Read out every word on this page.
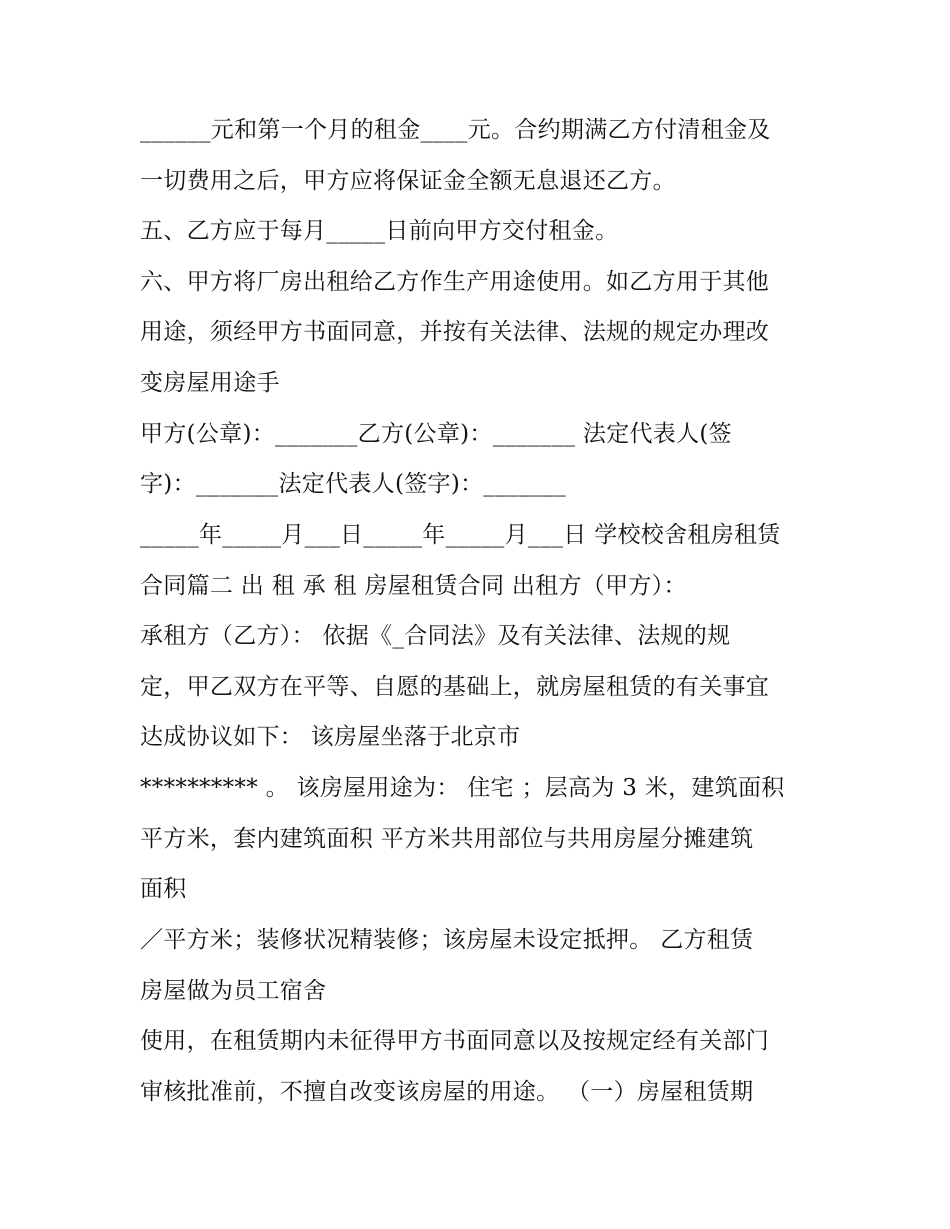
______元和第一个月的租金____元。合约期满乙方付清租金及
一切费用之后，甲方应将保证金全额无息退还乙方。
五、乙方应于每月_____日前向甲方交付租金。
六、甲方将厂房出租给乙方作生产用途使用。如乙方用于其他
用途，须经甲方书面同意，并按有关法律、法规的规定办理改
变房屋用途手
甲方(公章)：_______乙方(公章)：_______ 法定代表人(签
字)：_______法定代表人(签字)：_______
_____年_____月___日_____年_____月___日 学校校舍租房租赁
合同篇二 出 租 承 租 房屋租赁合同 出租方（甲方）：
承租方（乙方）： 依据《_合同法》及有关法律、法规的规
定，甲乙双方在平等、自愿的基础上，就房屋租赁的有关事宜
达成协议如下： 该房屋坐落于北京市
********** 。 该房屋用途为： 住宅 ；层高为 3 米，建筑面积
平方米，套内建筑面积 平方米共用部位与共用房屋分摊建筑
面积
／平方米；装修状况精装修；该房屋未设定抵押。 乙方租赁
房屋做为员工宿舍
使用，在租赁期内未征得甲方书面同意以及按规定经有关部门
审核批准前，不擅自改变该房屋的用途。 （一）房屋租赁期
